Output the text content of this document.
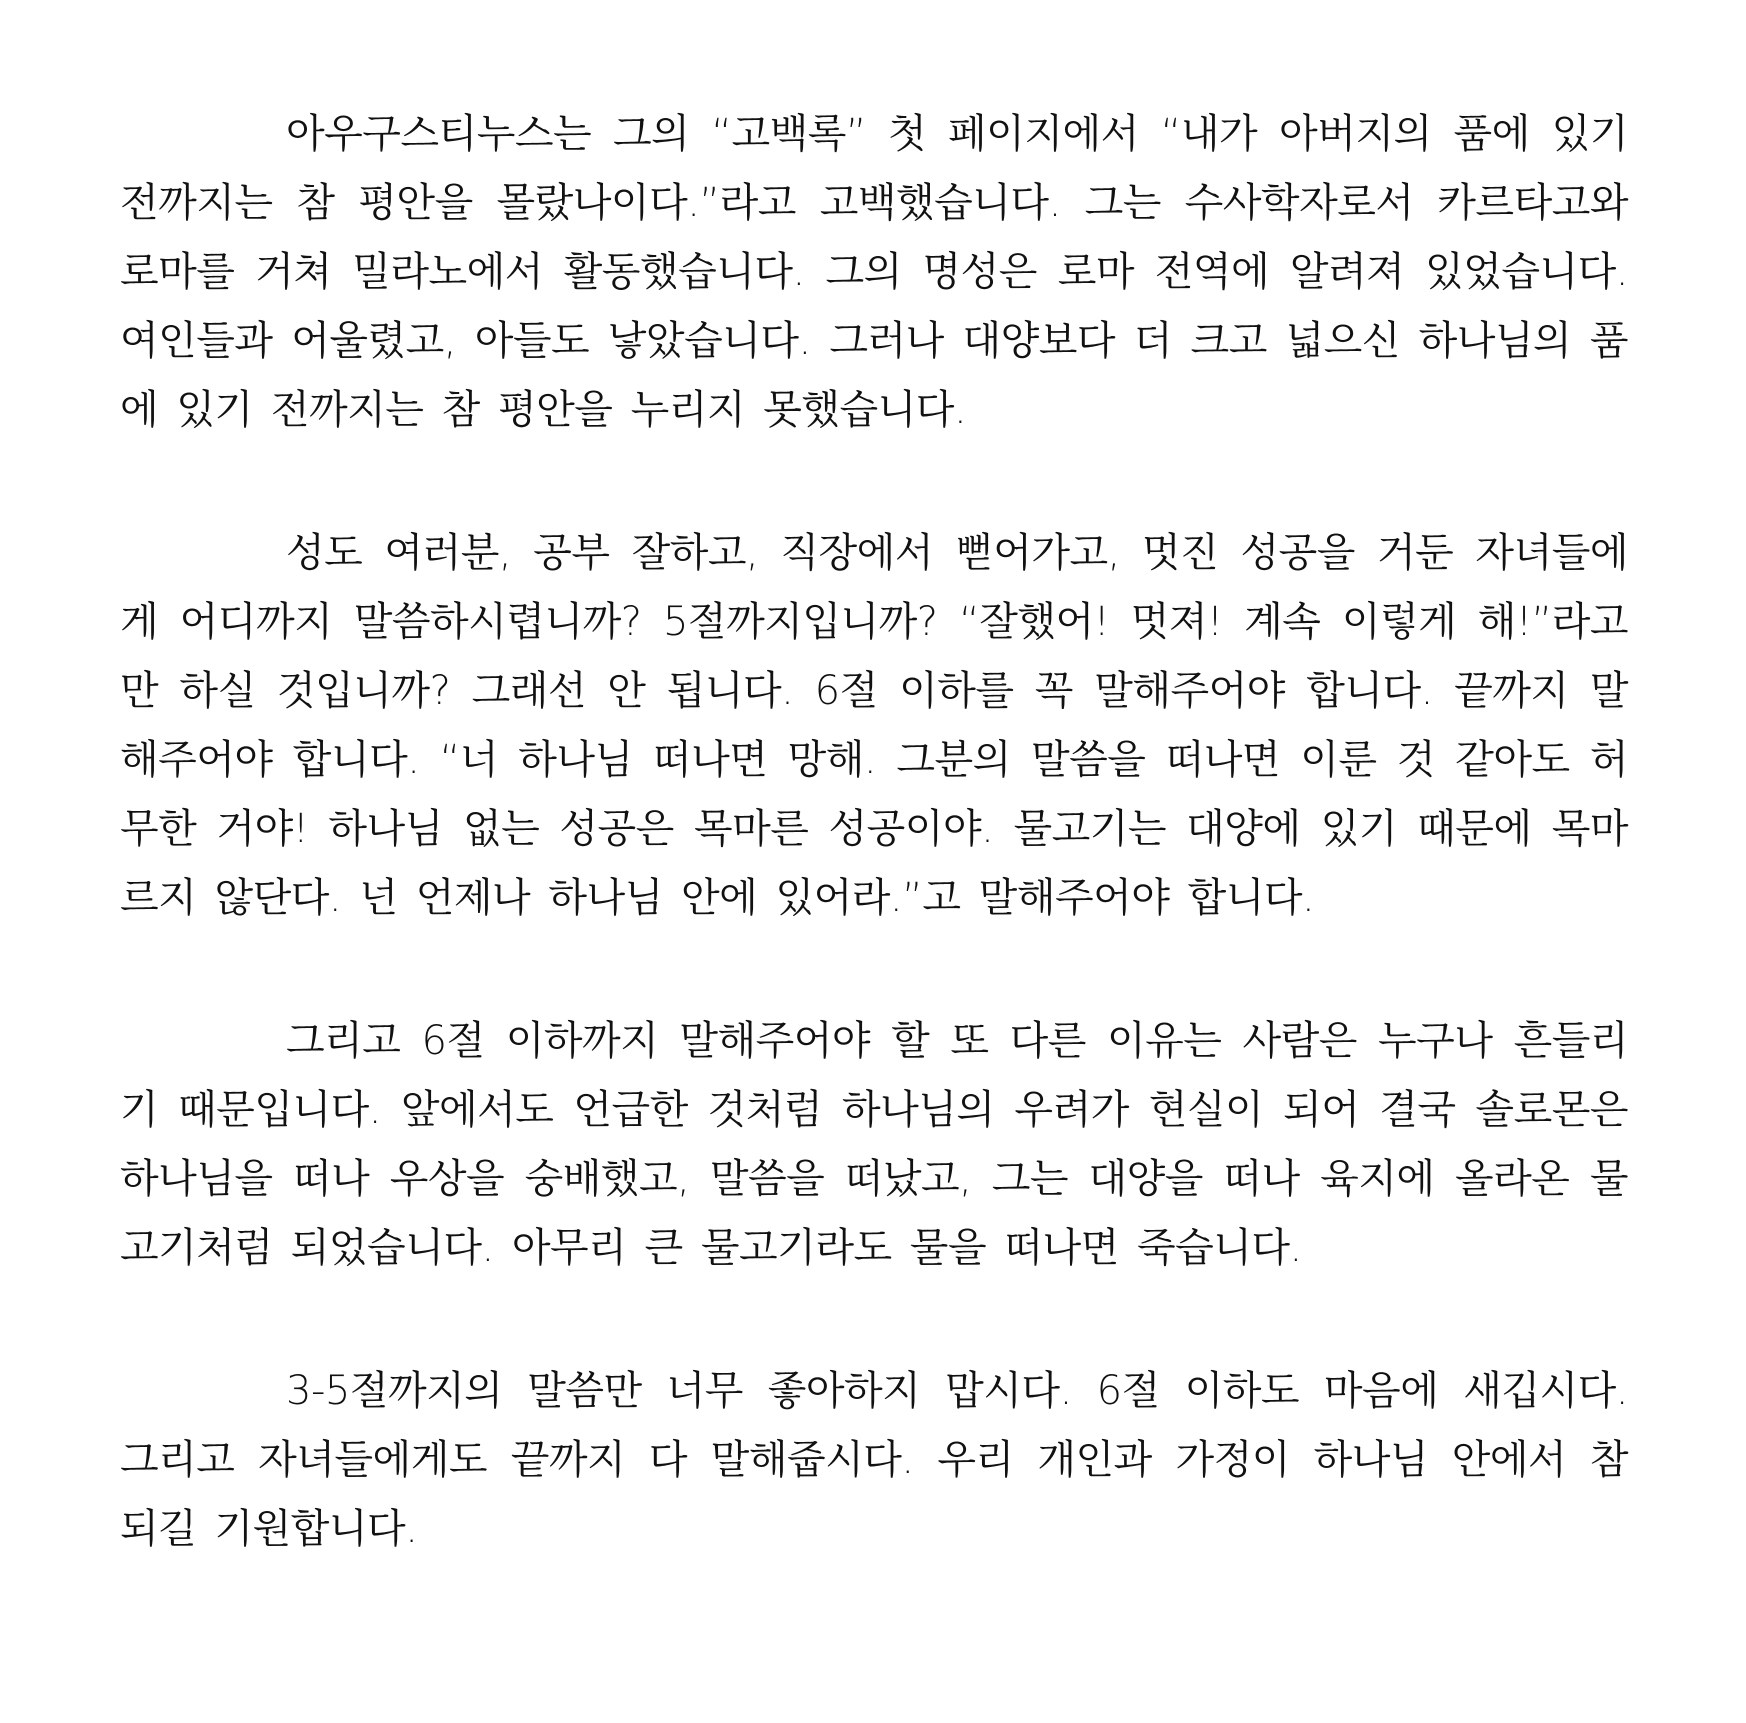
아우구스티누스는 그의 “고백록” 첫 페이지에서 “내가 아버지의 품에 있기 전까지는 참 평안을 몰랐나이다.”라고 고백했습니다. 그는 수사학자로서 카르타고와 로마를 거쳐 밀라노에서 활동했습니다. 그의 명성은 로마 전역에 알려져 있었습니다. 여인들과 어울렸고, 아들도 낳았습니다. 그러나 대양보다 더 크고 넓으신 하나님의 품에 있기 전까지는 참 평안을 누리지 못했습니다.

성도 여러분, 공부 잘하고, 직장에서 뻗어가고, 멋진 성공을 거둔 자녀들에게 어디까지 말씀하시렵니까? 5절까지입니까? “잘했어! 멋져! 계속 이렇게 해!”라고만 하실 것입니까? 그래선 안 됩니다. 6절 이하를 꼭 말해주어야 합니다. 끝까지 말해주어야 합니다. “너 하나님 떠나면 망해. 그분의 말씀을 떠나면 이룬 것 같아도 허무한 거야! 하나님 없는 성공은 목마른 성공이야. 물고기는 대양에 있기 때문에 목마르지 않단다. 넌 언제나 하나님 안에 있어라.”고 말해주어야 합니다.

그리고 6절 이하까지 말해주어야 할 또 다른 이유는 사람은 누구나 흔들리기 때문입니다. 앞에서도 언급한 것처럼 하나님의 우려가 현실이 되어 결국 솔로몬은 하나님을 떠나 우상을 숭배했고, 말씀을 떠났고, 그는 대양을 떠나 육지에 올라온 물고기처럼 되었습니다. 아무리 큰 물고기라도 물을 떠나면 죽습니다.

3-5절까지의 말씀만 너무 좋아하지 맙시다. 6절 이하도 마음에 새깁시다. 그리고 자녀들에게도 끝까지 다 말해줍시다. 우리 개인과 가정이 하나님 안에서 참 되길 기원합니다.
